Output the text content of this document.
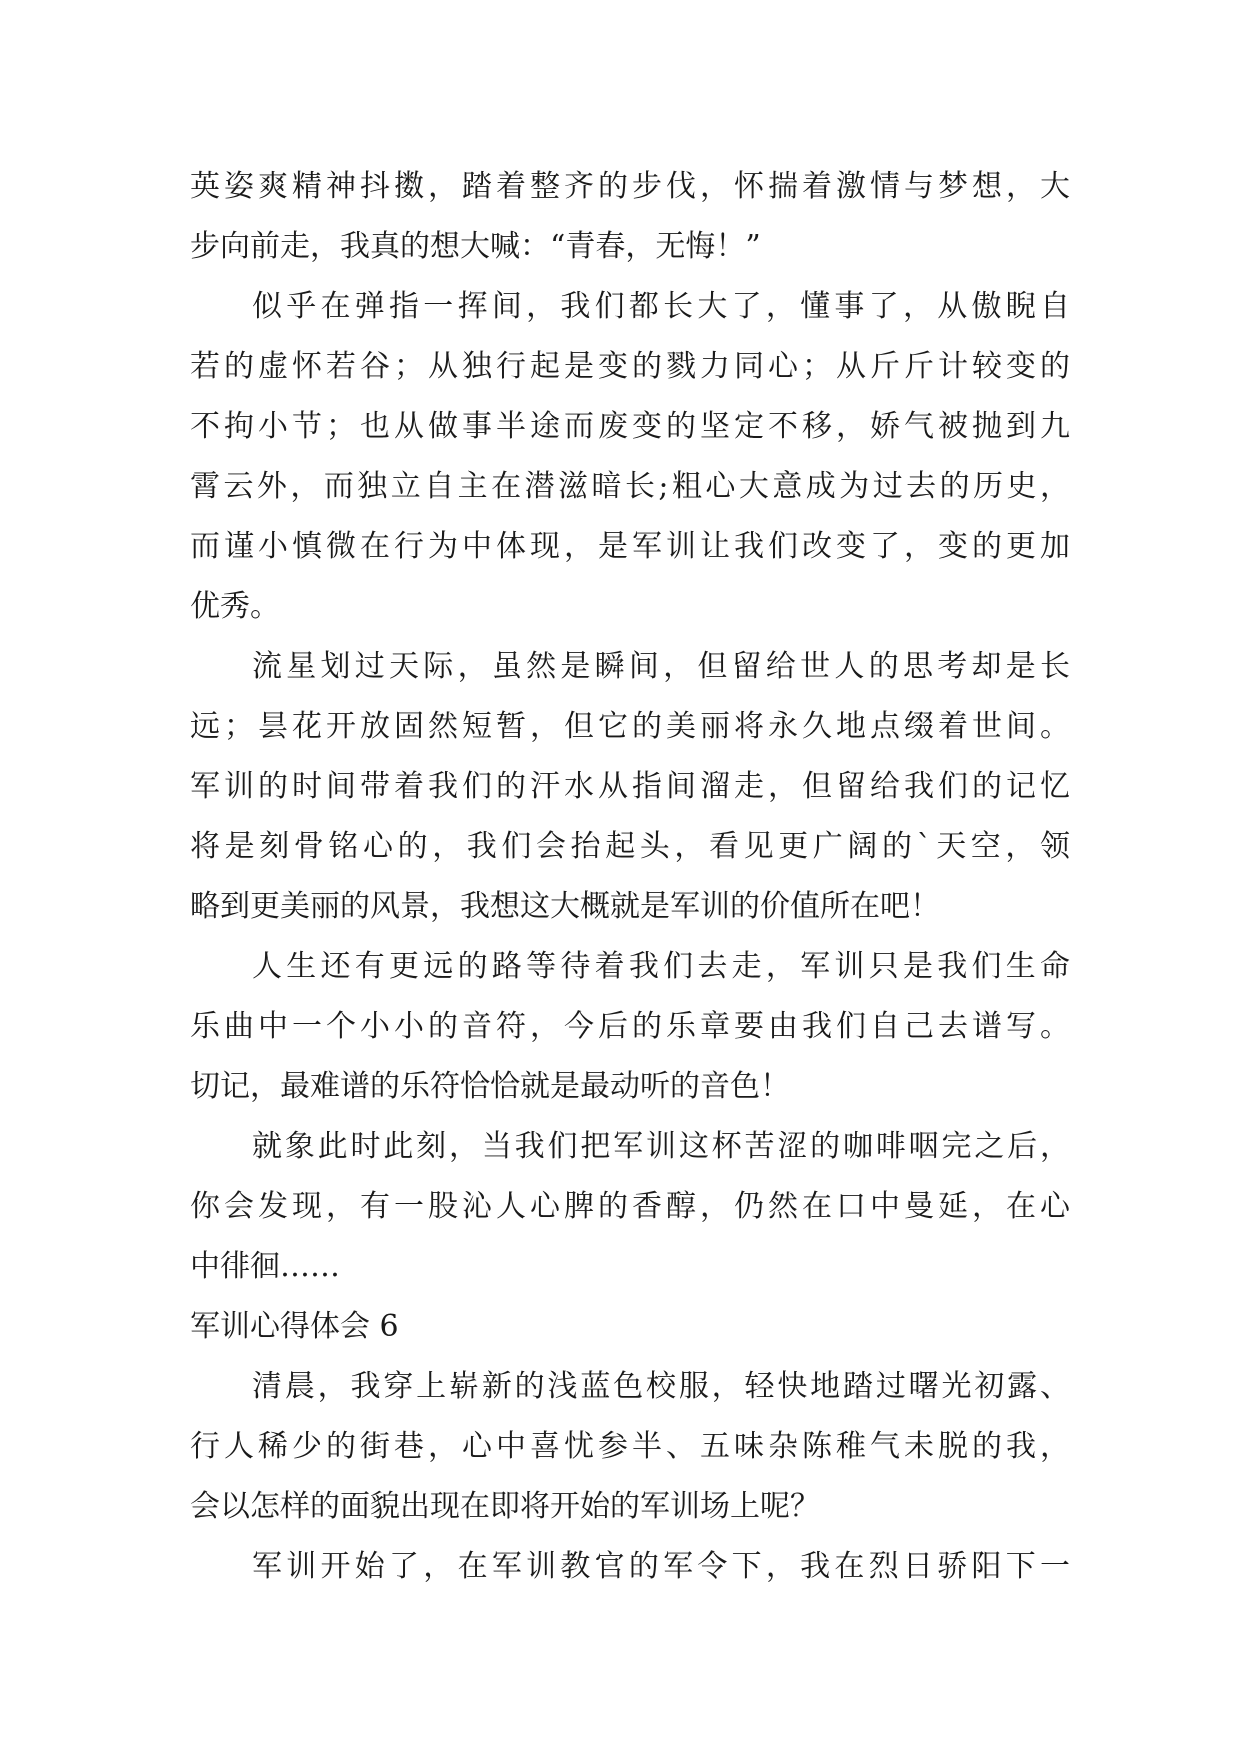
英姿爽精神抖擞，踏着整齐的步伐，怀揣着激情与梦想，大
步向前走，我真的想大喊：“青春，无悔！”
似乎在弹指一挥间，我们都长大了，懂事了，从傲睨自
若的虚怀若谷；从独行起是变的戮力同心；从斤斤计较变的
不拘小节；也从做事半途而废变的坚定不移，娇气被抛到九
霄云外，而独立自主在潜滋暗长;粗心大意成为过去的历史，
而谨小慎微在行为中体现，是军训让我们改变了，变的更加
优秀。
流星划过天际，虽然是瞬间，但留给世人的思考却是长
远；昙花开放固然短暂，但它的美丽将永久地点缀着世间。
军训的时间带着我们的汗水从指间溜走，但留给我们的记忆
将是刻骨铭心的，我们会抬起头，看见更广阔的`天空，领
略到更美丽的风景，我想这大概就是军训的价值所在吧！
人生还有更远的路等待着我们去走，军训只是我们生命
乐曲中一个小小的音符，今后的乐章要由我们自己去谱写。
切记，最难谱的乐符恰恰就是最动听的音色！
就象此时此刻，当我们把军训这杯苦涩的咖啡咽完之后，
你会发现，有一股沁人心脾的香醇，仍然在口中曼延，在心
中徘徊……
军训心得体会 6
清晨，我穿上崭新的浅蓝色校服，轻快地踏过曙光初露、
行人稀少的街巷，心中喜忧参半、五味杂陈稚气未脱的我，
会以怎样的面貌出现在即将开始的军训场上呢？
军训开始了，在军训教官的军令下，我在烈日骄阳下一
